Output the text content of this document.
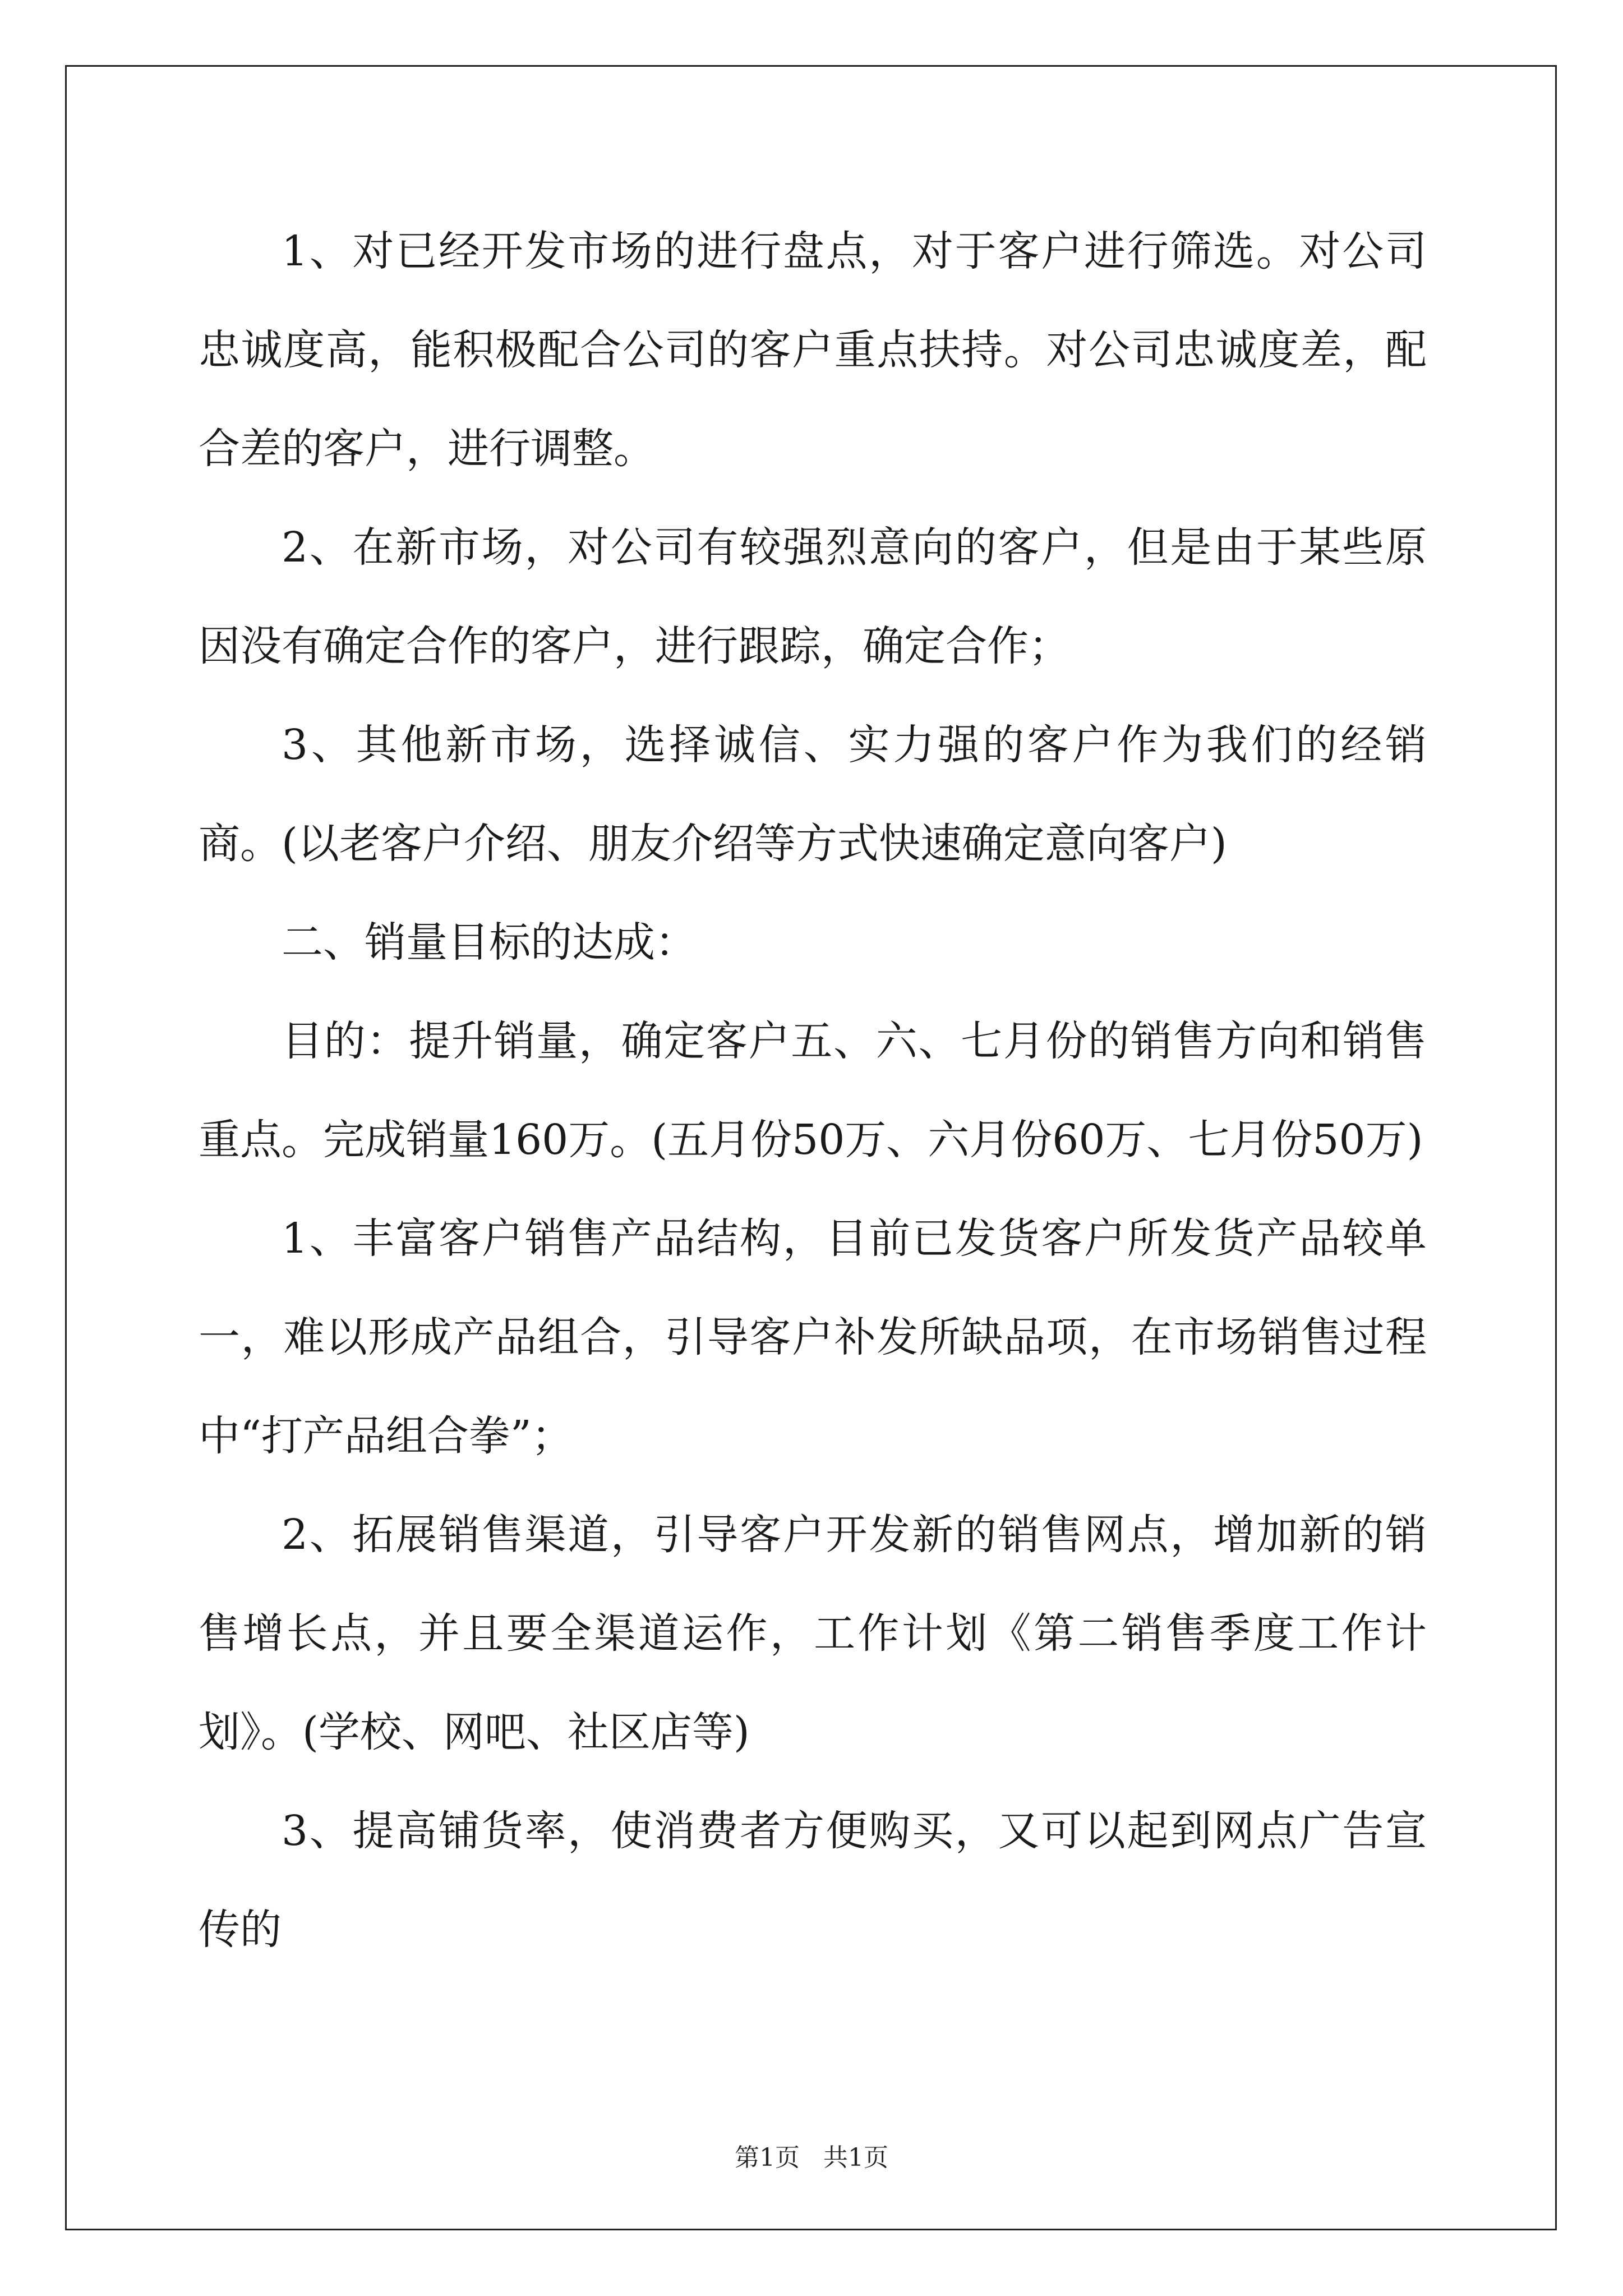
1、对已经开发市场的进行盘点，对于客户进行筛选。对公司忠诚度高，能积极配合公司的客户重点扶持。对公司忠诚度差，配合差的客户，进行调整。

2、在新市场，对公司有较强烈意向的客户，但是由于某些原因没有确定合作的客户，进行跟踪，确定合作；

3、其他新市场，选择诚信、实力强的客户作为我们的经销商。(以老客户介绍、朋友介绍等方式快速确定意向客户)

二、销量目标的达成：

目的：提升销量，确定客户五、六、七月份的销售方向和销售重点。完成销量160万。(五月份50万、六月份60万、七月份50万)

1、丰富客户销售产品结构，目前已发货客户所发货产品较单一，难以形成产品组合，引导客户补发所缺品项，在市场销售过程中“打产品组合拳”；

2、拓展销售渠道，引导客户开发新的销售网点，增加新的销售增长点，并且要全渠道运作，工作计划《第二销售季度工作计划》。(学校、网吧、社区店等)

3、提高铺货率，使消费者方便购买，又可以起到网点广告宣传的

第1页   共1页
